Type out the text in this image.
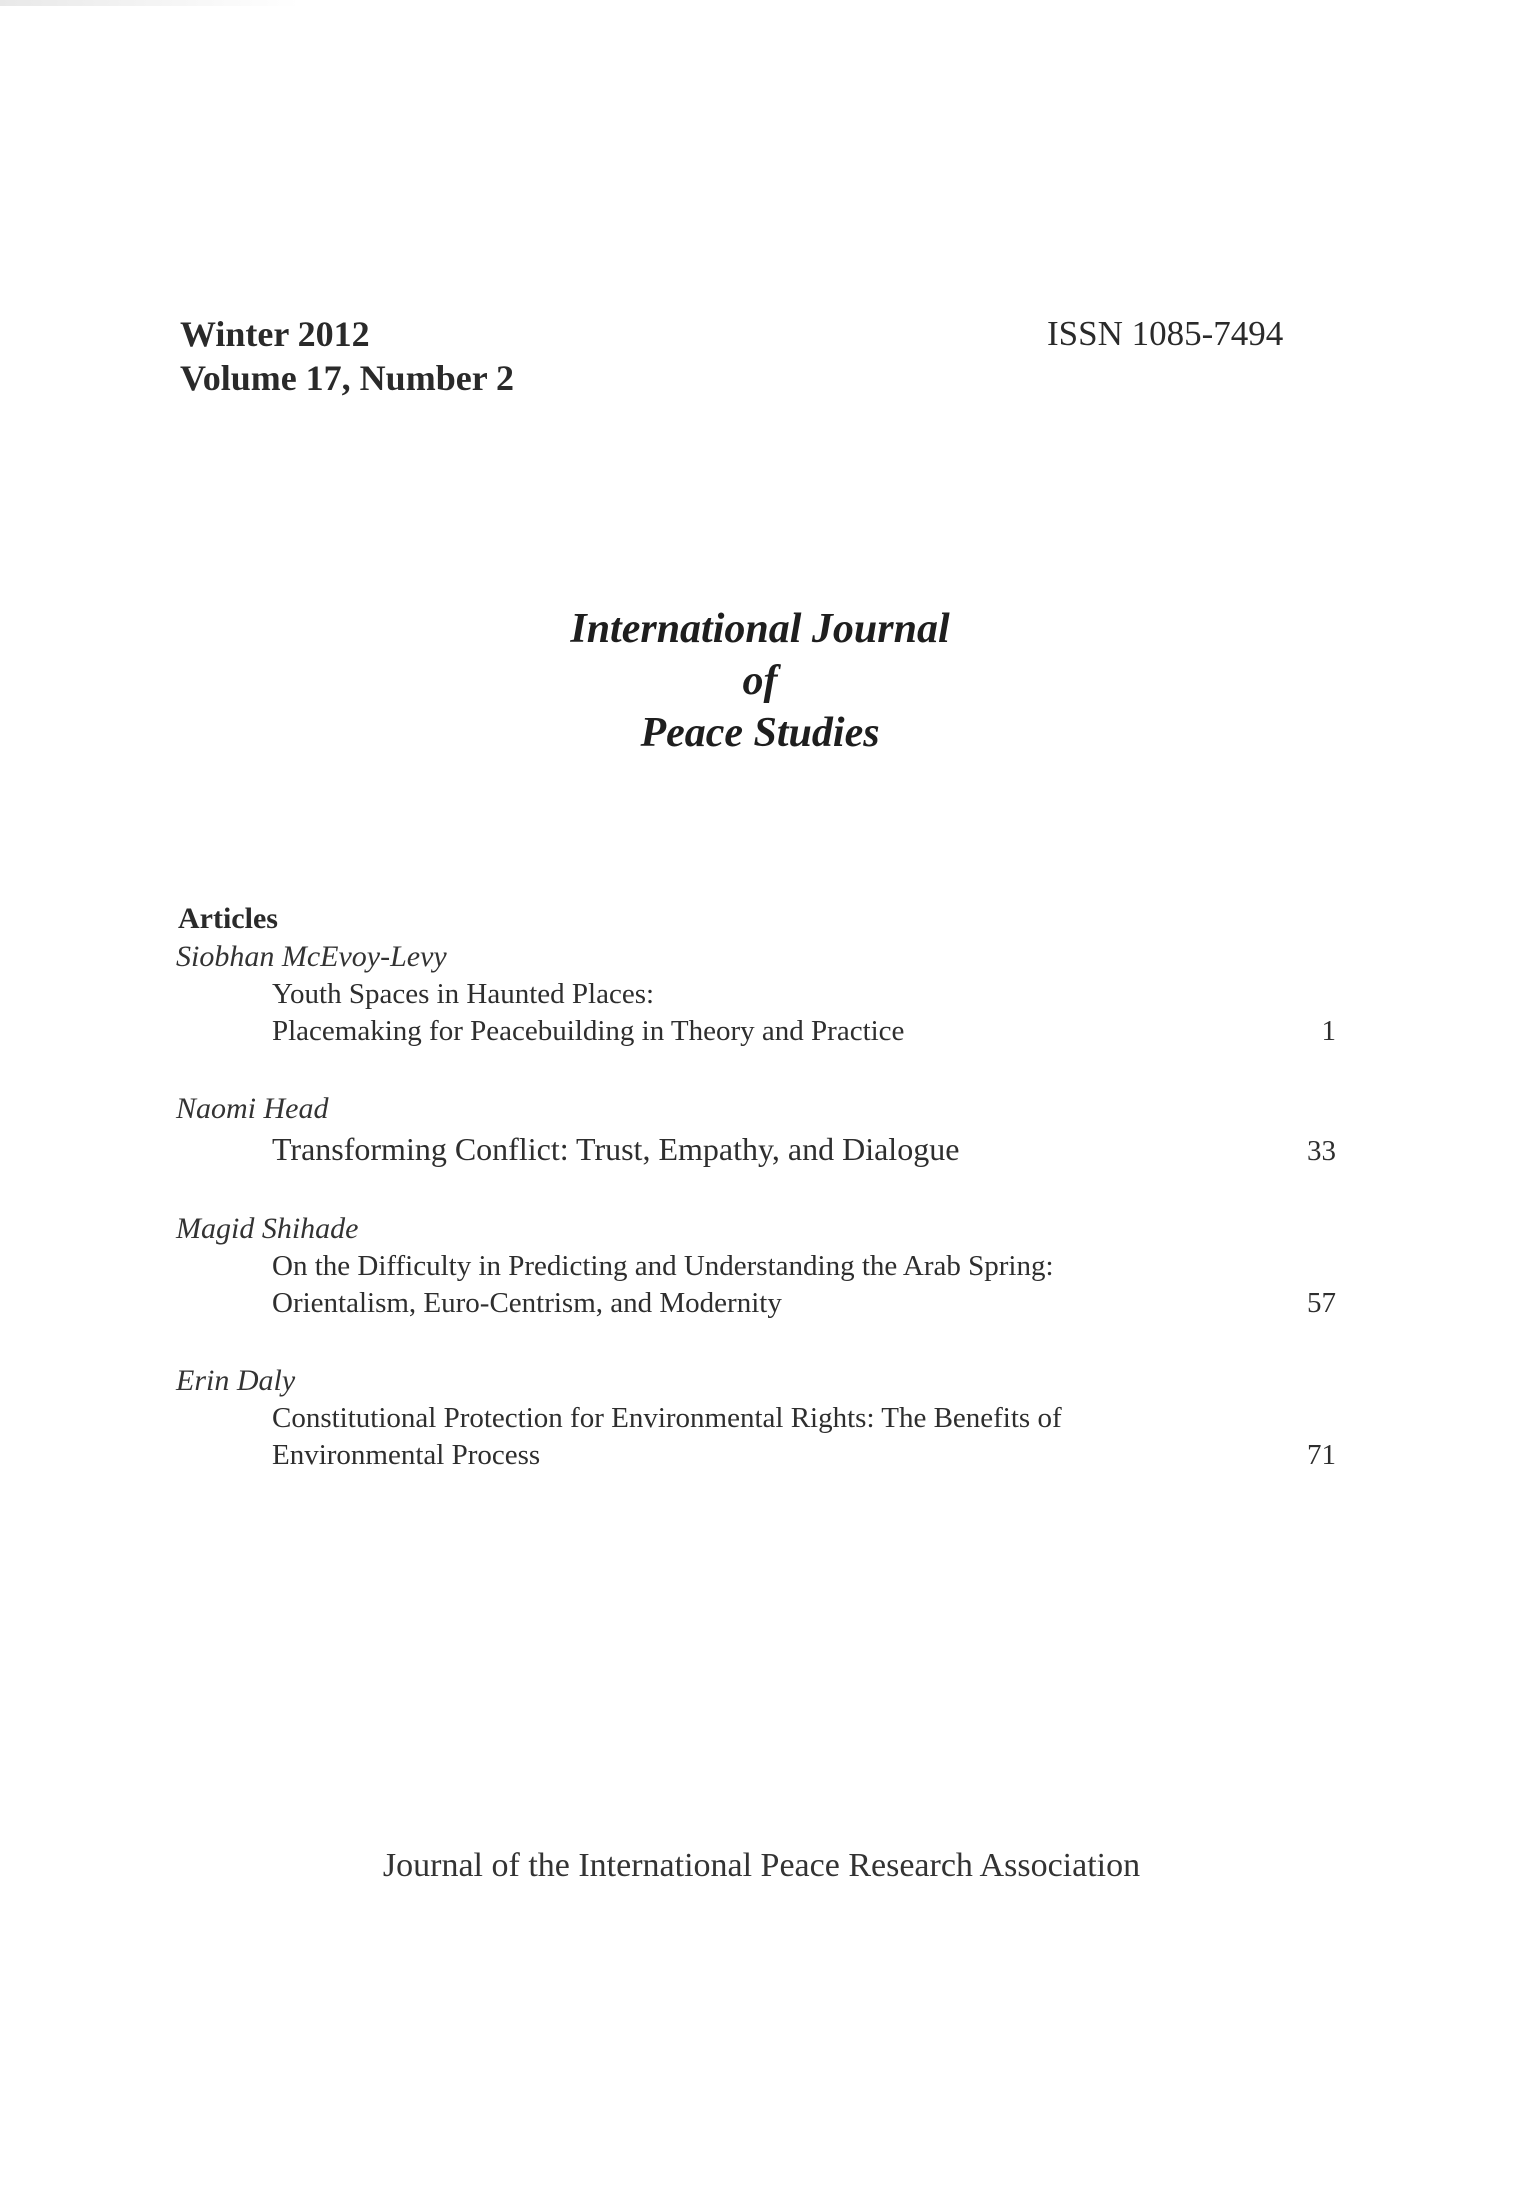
Winter 2012
Volume 17, Number 2
ISSN 1085-7494
International Journal
of
Peace Studies
Articles
Siobhan McEvoy-Levy
Youth Spaces in Haunted Places:
Placemaking for Peacebuilding in Theory and Practice	1
Naomi Head
Transforming Conflict: Trust, Empathy, and Dialogue	33
Magid Shihade
On the Difficulty in Predicting and Understanding the Arab Spring:
Orientalism, Euro-Centrism, and Modernity	57
Erin Daly
Constitutional Protection for Environmental Rights: The Benefits of
Environmental Process	71
Journal of the International Peace Research Association
